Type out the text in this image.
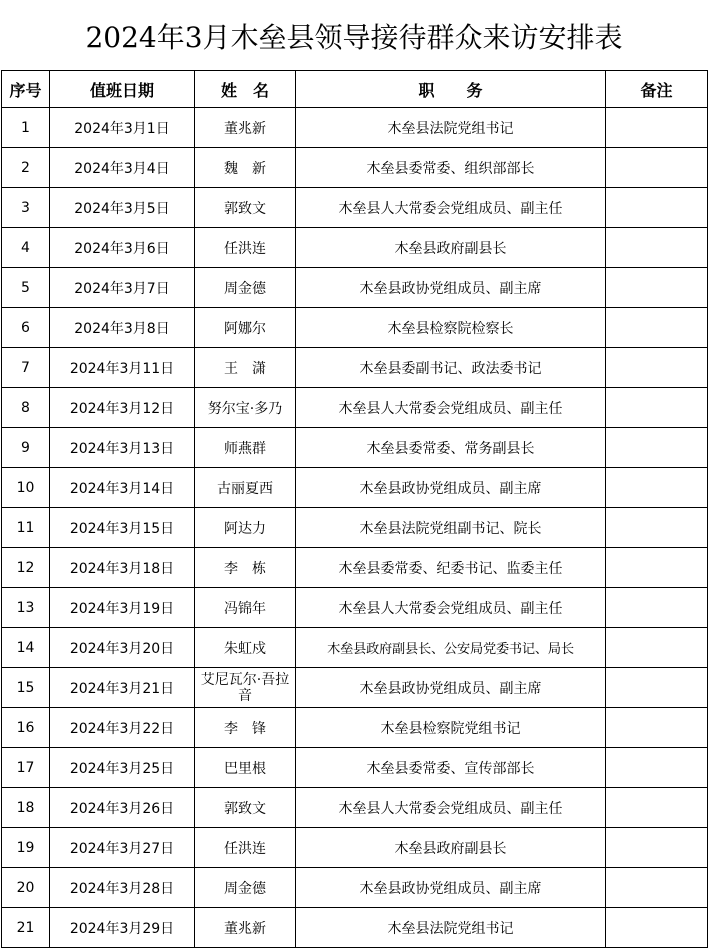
2024年3月木垒县领导接待群众来访安排表
序号	值班日期	姓　名	职　　务	备注
1	2024年3月1日	董兆新	木垒县法院党组书记	
2	2024年3月4日	魏　新	木垒县委常委、组织部部长	
3	2024年3月5日	郭致文	木垒县人大常委会党组成员、副主任	
4	2024年3月6日	任洪连	木垒县政府副县长	
5	2024年3月7日	周金德	木垒县政协党组成员、副主席	
6	2024年3月8日	阿娜尔	木垒县检察院检察长	
7	2024年3月11日	王　潇	木垒县委副书记、政法委书记	
8	2024年3月12日	努尔宝·多乃	木垒县人大常委会党组成员、副主任	
9	2024年3月13日	师燕群	木垒县委常委、常务副县长	
10	2024年3月14日	古丽夏西	木垒县政协党组成员、副主席	
11	2024年3月15日	阿达力	木垒县法院党组副书记、院长	
12	2024年3月18日	李　栋	木垒县委常委、纪委书记、监委主任	
13	2024年3月19日	冯锦年	木垒县人大常委会党组成员、副主任	
14	2024年3月20日	朱虹戍	木垒县政府副县长、公安局党委书记、局长	
15	2024年3月21日	艾尼瓦尔·吾拉音	木垒县政协党组成员、副主席	
16	2024年3月22日	李　锋	木垒县检察院党组书记	
17	2024年3月25日	巴里根	木垒县委常委、宣传部部长	
18	2024年3月26日	郭致文	木垒县人大常委会党组成员、副主任	
19	2024年3月27日	任洪连	木垒县政府副县长	
20	2024年3月28日	周金德	木垒县政协党组成员、副主席	
21	2024年3月29日	董兆新	木垒县法院党组书记	
